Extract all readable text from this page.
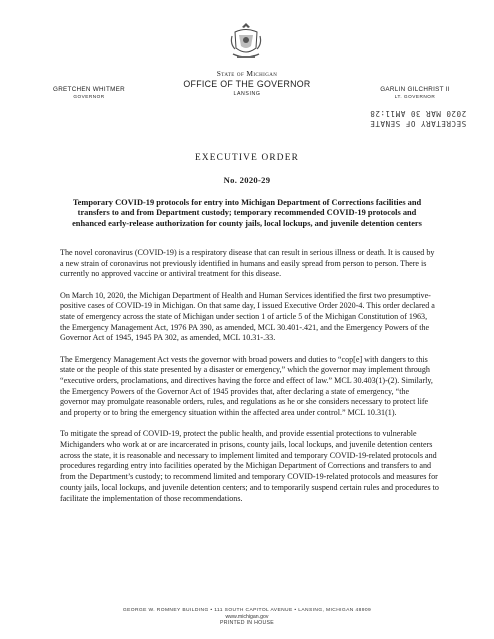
State of Michigan
OFFICE OF THE GOVERNOR
LANSING
GRETCHEN WHITMER
GOVERNOR
GARLIN GILCHRIST II
LT. GOVERNOR
SECRETARY OF SENATE
2020 MAR 30 AM11:28
EXECUTIVE ORDER
No. 2020-29
Temporary COVID-19 protocols for entry into Michigan Department of Corrections facilities and transfers to and from Department custody; temporary recommended COVID-19 protocols and enhanced early-release authorization for county jails, local lockups, and juvenile detention centers

The novel coronavirus (COVID-19) is a respiratory disease that can result in serious illness or death. It is caused by a new strain of coronavirus not previously identified in humans and easily spread from person to person. There is currently no approved vaccine or antiviral treatment for this disease.

On March 10, 2020, the Michigan Department of Health and Human Services identified the first two presumptive-positive cases of COVID-19 in Michigan. On that same day, I issued Executive Order 2020-4. This order declared a state of emergency across the state of Michigan under section 1 of article 5 of the Michigan Constitution of 1963, the Emergency Management Act, 1976 PA 390, as amended, MCL 30.401-.421, and the Emergency Powers of the Governor Act of 1945, 1945 PA 302, as amended, MCL 10.31-.33.

The Emergency Management Act vests the governor with broad powers and duties to “cop[e] with dangers to this state or the people of this state presented by a disaster or emergency,” which the governor may implement through “executive orders, proclamations, and directives having the force and effect of law.” MCL 30.403(1)-(2). Similarly, the Emergency Powers of the Governor Act of 1945 provides that, after declaring a state of emergency, “the governor may promulgate reasonable orders, rules, and regulations as he or she considers necessary to protect life and property or to bring the emergency situation within the affected area under control.” MCL 10.31(1).

To mitigate the spread of COVID-19, protect the public health, and provide essential protections to vulnerable Michiganders who work at or are incarcerated in prisons, county jails, local lockups, and juvenile detention centers across the state, it is reasonable and necessary to implement limited and temporary COVID-19-related protocols and procedures regarding entry into facilities operated by the Michigan Department of Corrections and transfers to and from the Department’s custody; to recommend limited and temporary COVID-19-related protocols and measures for county jails, local lockups, and juvenile detention centers; and to temporarily suspend certain rules and procedures to facilitate the implementation of those recommendations.

GEORGE W. ROMNEY BUILDING • 111 SOUTH CAPITOL AVENUE • LANSING, MICHIGAN 48909
www.michigan.gov
PRINTED IN HOUSE
